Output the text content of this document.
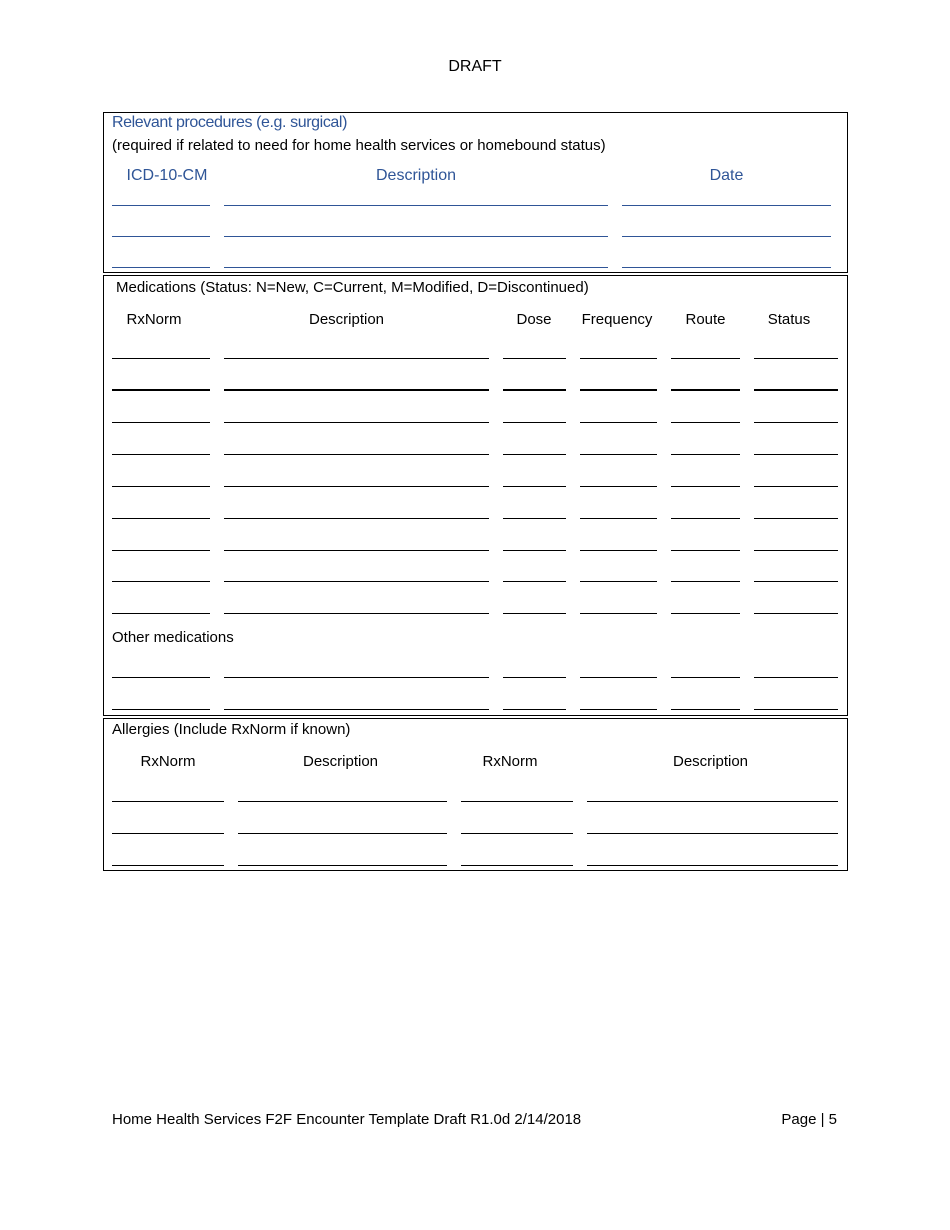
DRAFT
Relevant procedures (e.g. surgical)
(required if related to need for home health services or homebound status)
ICD-10-CM	Description	Date
Medications (Status: N=New, C=Current, M=Modified, D=Discontinued)
RxNorm	Description	Dose	Frequency	Route	Status
Other medications
Allergies (Include RxNorm if known)
RxNorm	Description	RxNorm	Description
Home Health Services F2F Encounter Template Draft R1.0d 2/14/2018	Page | 5
